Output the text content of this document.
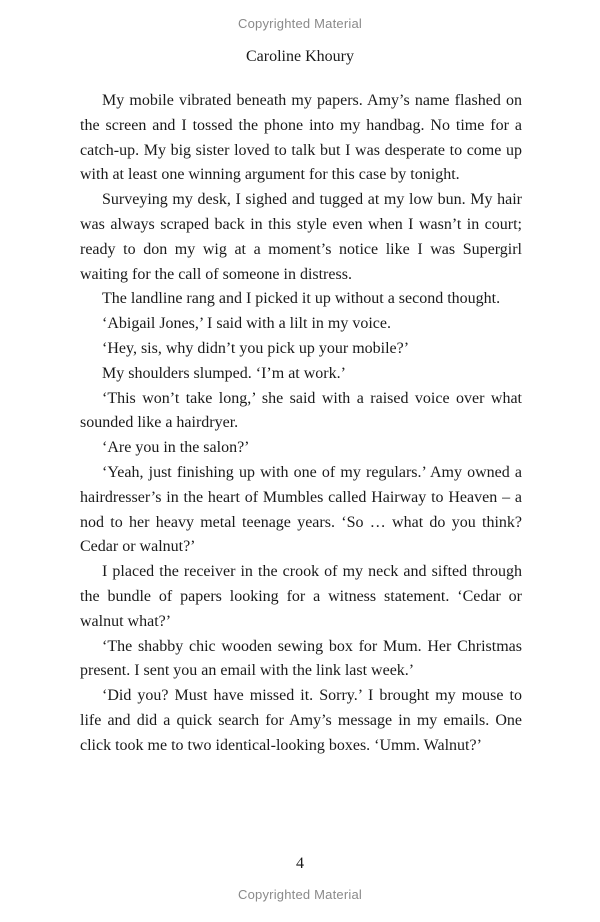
Copyrighted Material
Caroline Khoury

My mobile vibrated beneath my papers. Amy’s name flashed on the screen and I tossed the phone into my handbag. No time for a catch-up. My big sister loved to talk but I was desperate to come up with at least one winning argument for this case by tonight.

Surveying my desk, I sighed and tugged at my low bun. My hair was always scraped back in this style even when I wasn’t in court; ready to don my wig at a moment’s notice like I was Supergirl waiting for the call of someone in distress.

The landline rang and I picked it up without a second thought.

‘Abigail Jones,’ I said with a lilt in my voice.

‘Hey, sis, why didn’t you pick up your mobile?’

My shoulders slumped. ‘I’m at work.’

‘This won’t take long,’ she said with a raised voice over what sounded like a hairdryer.

‘Are you in the salon?’

‘Yeah, just finishing up with one of my regulars.’ Amy owned a hairdresser’s in the heart of Mumbles called Hairway to Heaven – a nod to her heavy metal teenage years. ‘So … what do you think? Cedar or walnut?’

I placed the receiver in the crook of my neck and sifted through the bundle of papers looking for a witness statement. ‘Cedar or walnut what?’

‘The shabby chic wooden sewing box for Mum. Her Christmas present. I sent you an email with the link last week.’

‘Did you? Must have missed it. Sorry.’ I brought my mouse to life and did a quick search for Amy’s message in my emails. One click took me to two identical-looking boxes. ‘Umm. Walnut?’

4
Copyrighted Material
